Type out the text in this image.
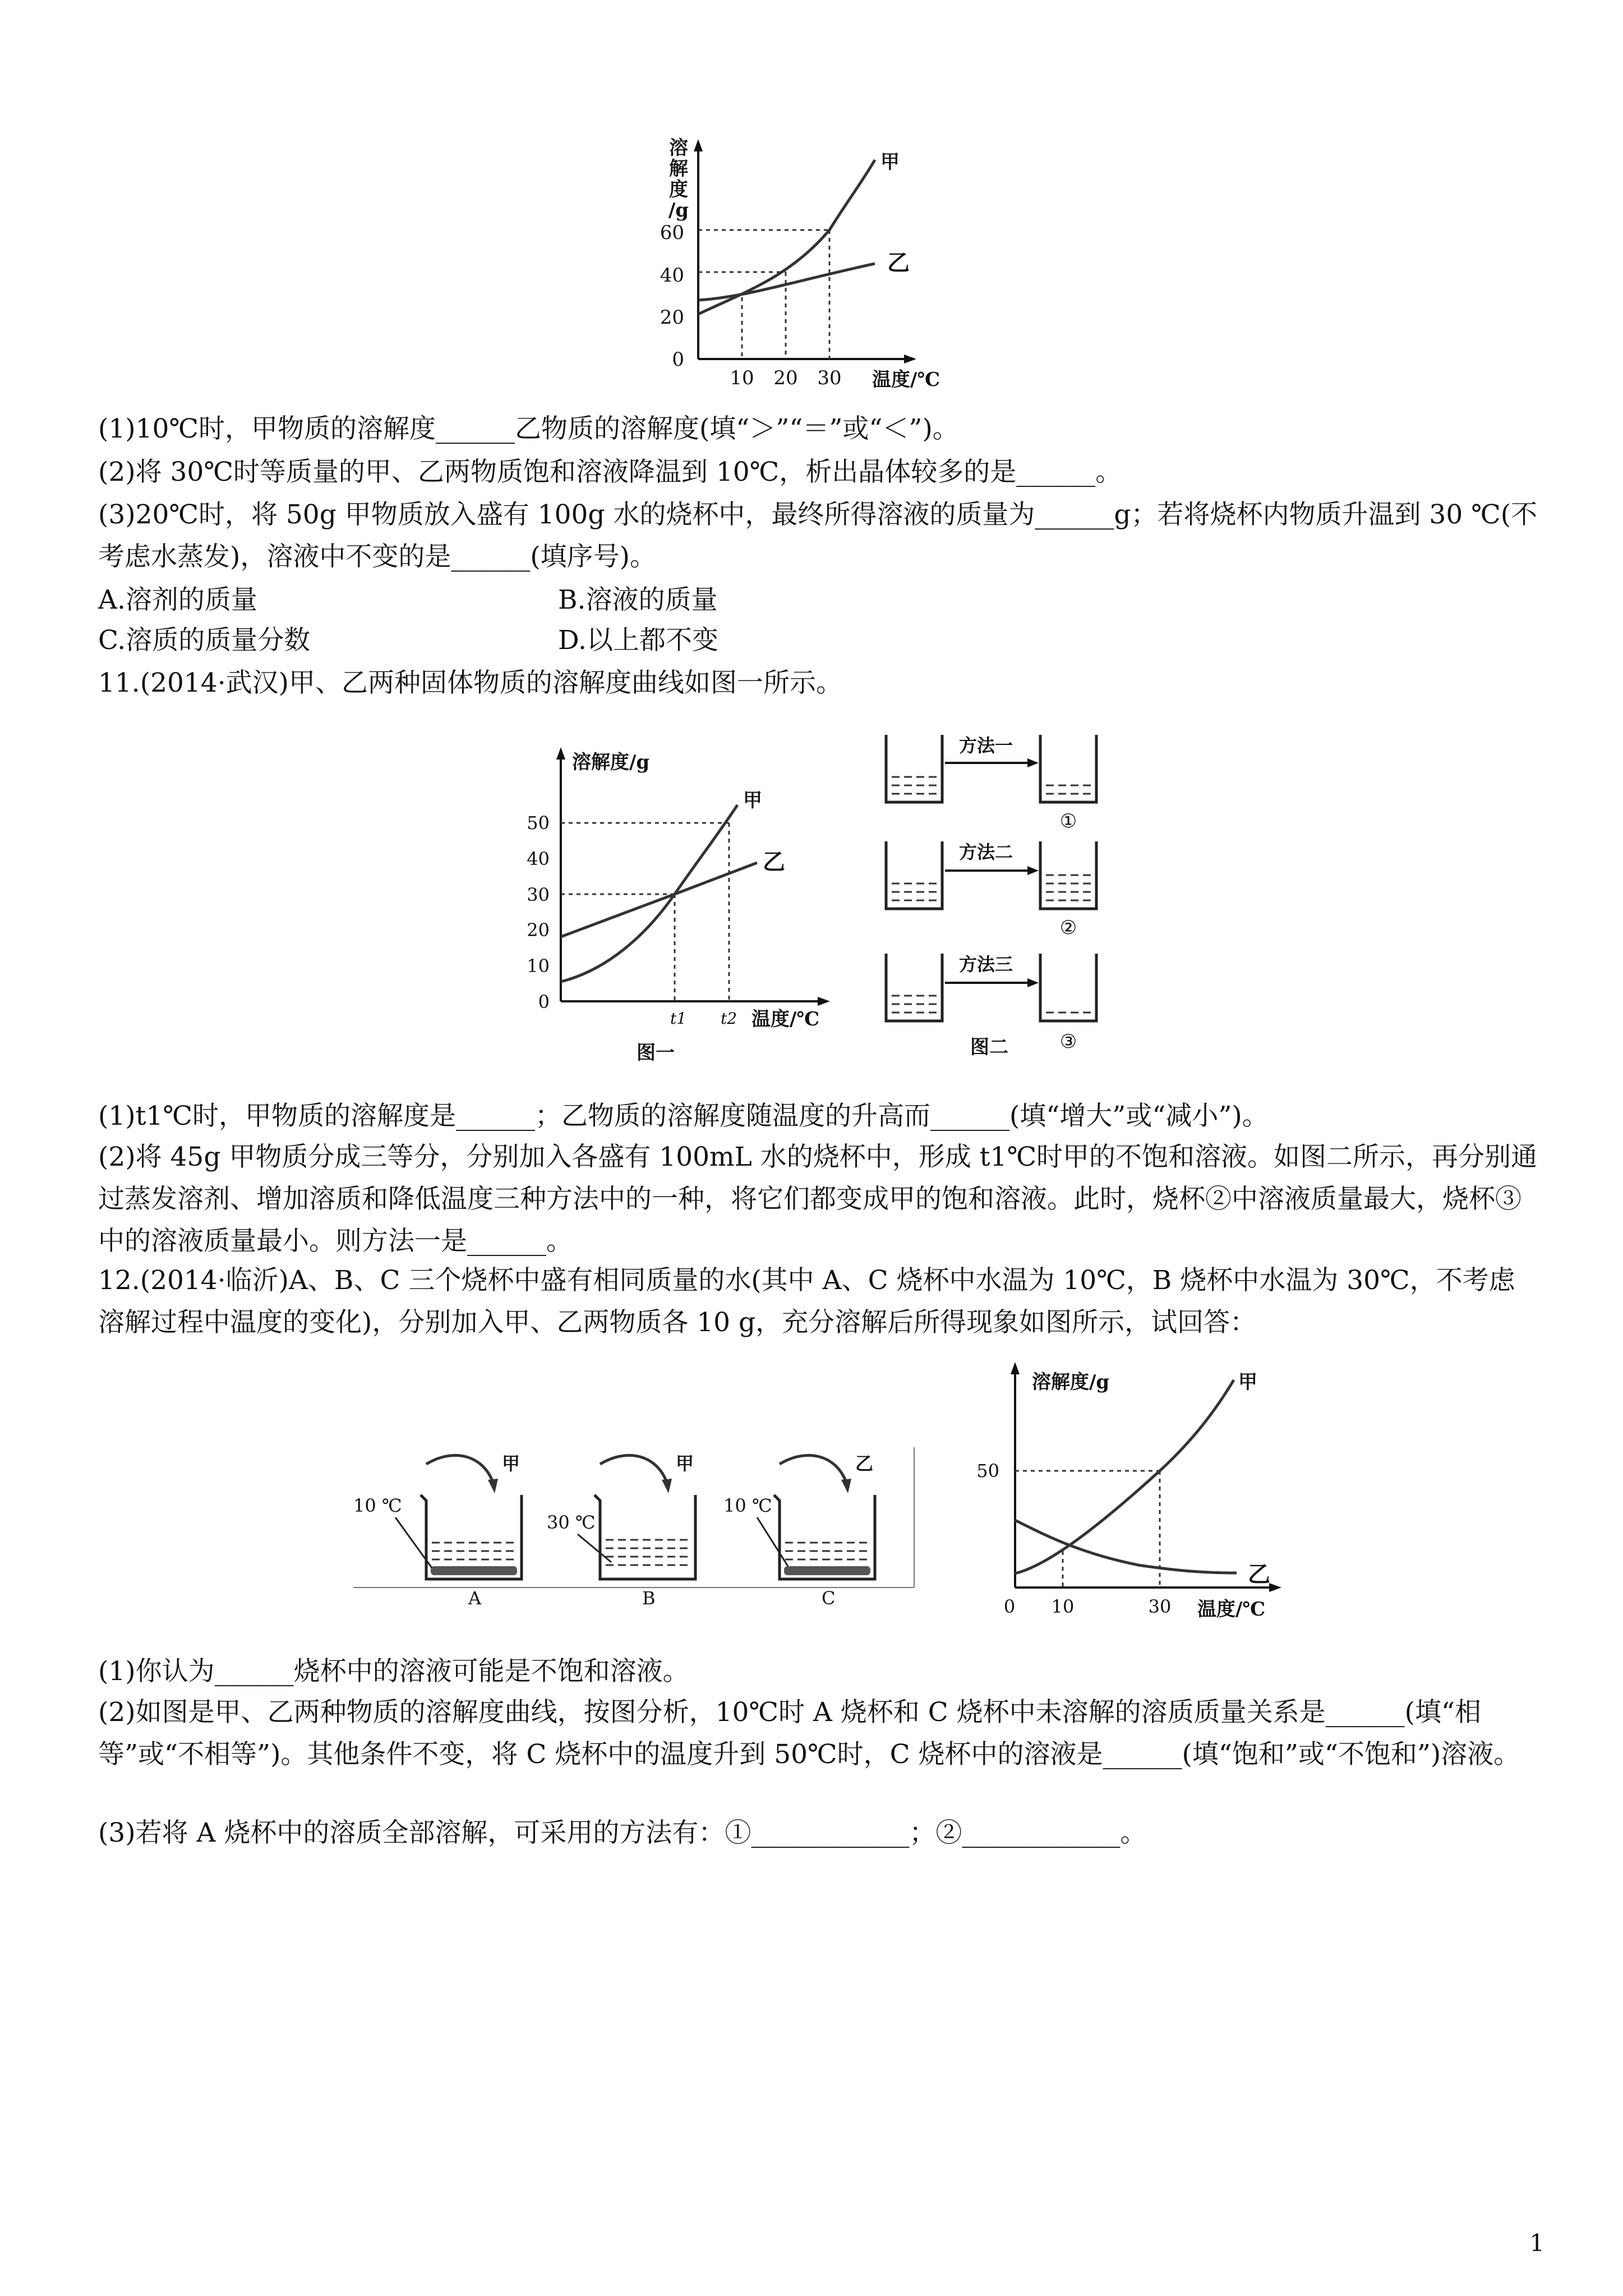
溶
解
度
/g
0
20
40
60
10 20 30 温度/℃
甲
乙
(1)10℃时，甲物质的溶解度______乙物质的溶解度(填“＞”“＝”或“＜”)。
(2)将 30℃时等质量的甲、乙两物质饱和溶液降温到 10℃，析出晶体较多的是______。
(3)20℃时，将 50g 甲物质放入盛有 100g 水的烧杯中，最终所得溶液的质量为______g；若将烧杯内物质升温到 30 ℃(不考虑水蒸发)，溶液中不变的是______(填序号)。
A.溶剂的质量	B.溶液的质量
C.溶质的质量分数	D.以上都不变
11.(2014·武汉)甲、乙两种固体物质的溶解度曲线如图一所示。
溶解度/g
0
10
20
30
40
50
甲
乙
t1 t2 温度/℃
图一
方法一
①
方法二
②
方法三
③
图二
(1)t1℃时，甲物质的溶解度是______；乙物质的溶解度随温度的升高而______(填“增大”或“减小”)。
(2)将 45g 甲物质分成三等分，分别加入各盛有 100mL 水的烧杯中，形成 t1℃时甲的不饱和溶液。如图二所示，再分别通过蒸发溶剂、增加溶质和降低温度三种方法中的一种，将它们都变成甲的饱和溶液。此时，烧杯②中溶液质量最大，烧杯③中的溶液质量最小。则方法一是______。
12.(2014·临沂)A、B、C 三个烧杯中盛有相同质量的水(其中 A、C 烧杯中水温为 10℃，B 烧杯中水温为 30℃，不考虑溶解过程中温度的变化)，分别加入甲、乙两物质各 10 g，充分溶解后所得现象如图所示，试回答：
甲
10 ℃
A
甲
30 ℃
B
乙
10 ℃
C
溶解度/g
50
0 10	30 温度/℃
甲
乙
(1)你认为______烧杯中的溶液可能是不饱和溶液。
(2)如图是甲、乙两种物质的溶解度曲线，按图分析，10℃时 A 烧杯和 C 烧杯中未溶解的溶质质量关系是______(填“相等”或“不相等”)。其他条件不变，将 C 烧杯中的温度升到 50℃时，C 烧杯中的溶液是______(填“饱和”或“不饱和”)溶液。
(3)若将 A 烧杯中的溶质全部溶解，可采用的方法有：①____________；②____________。
1
